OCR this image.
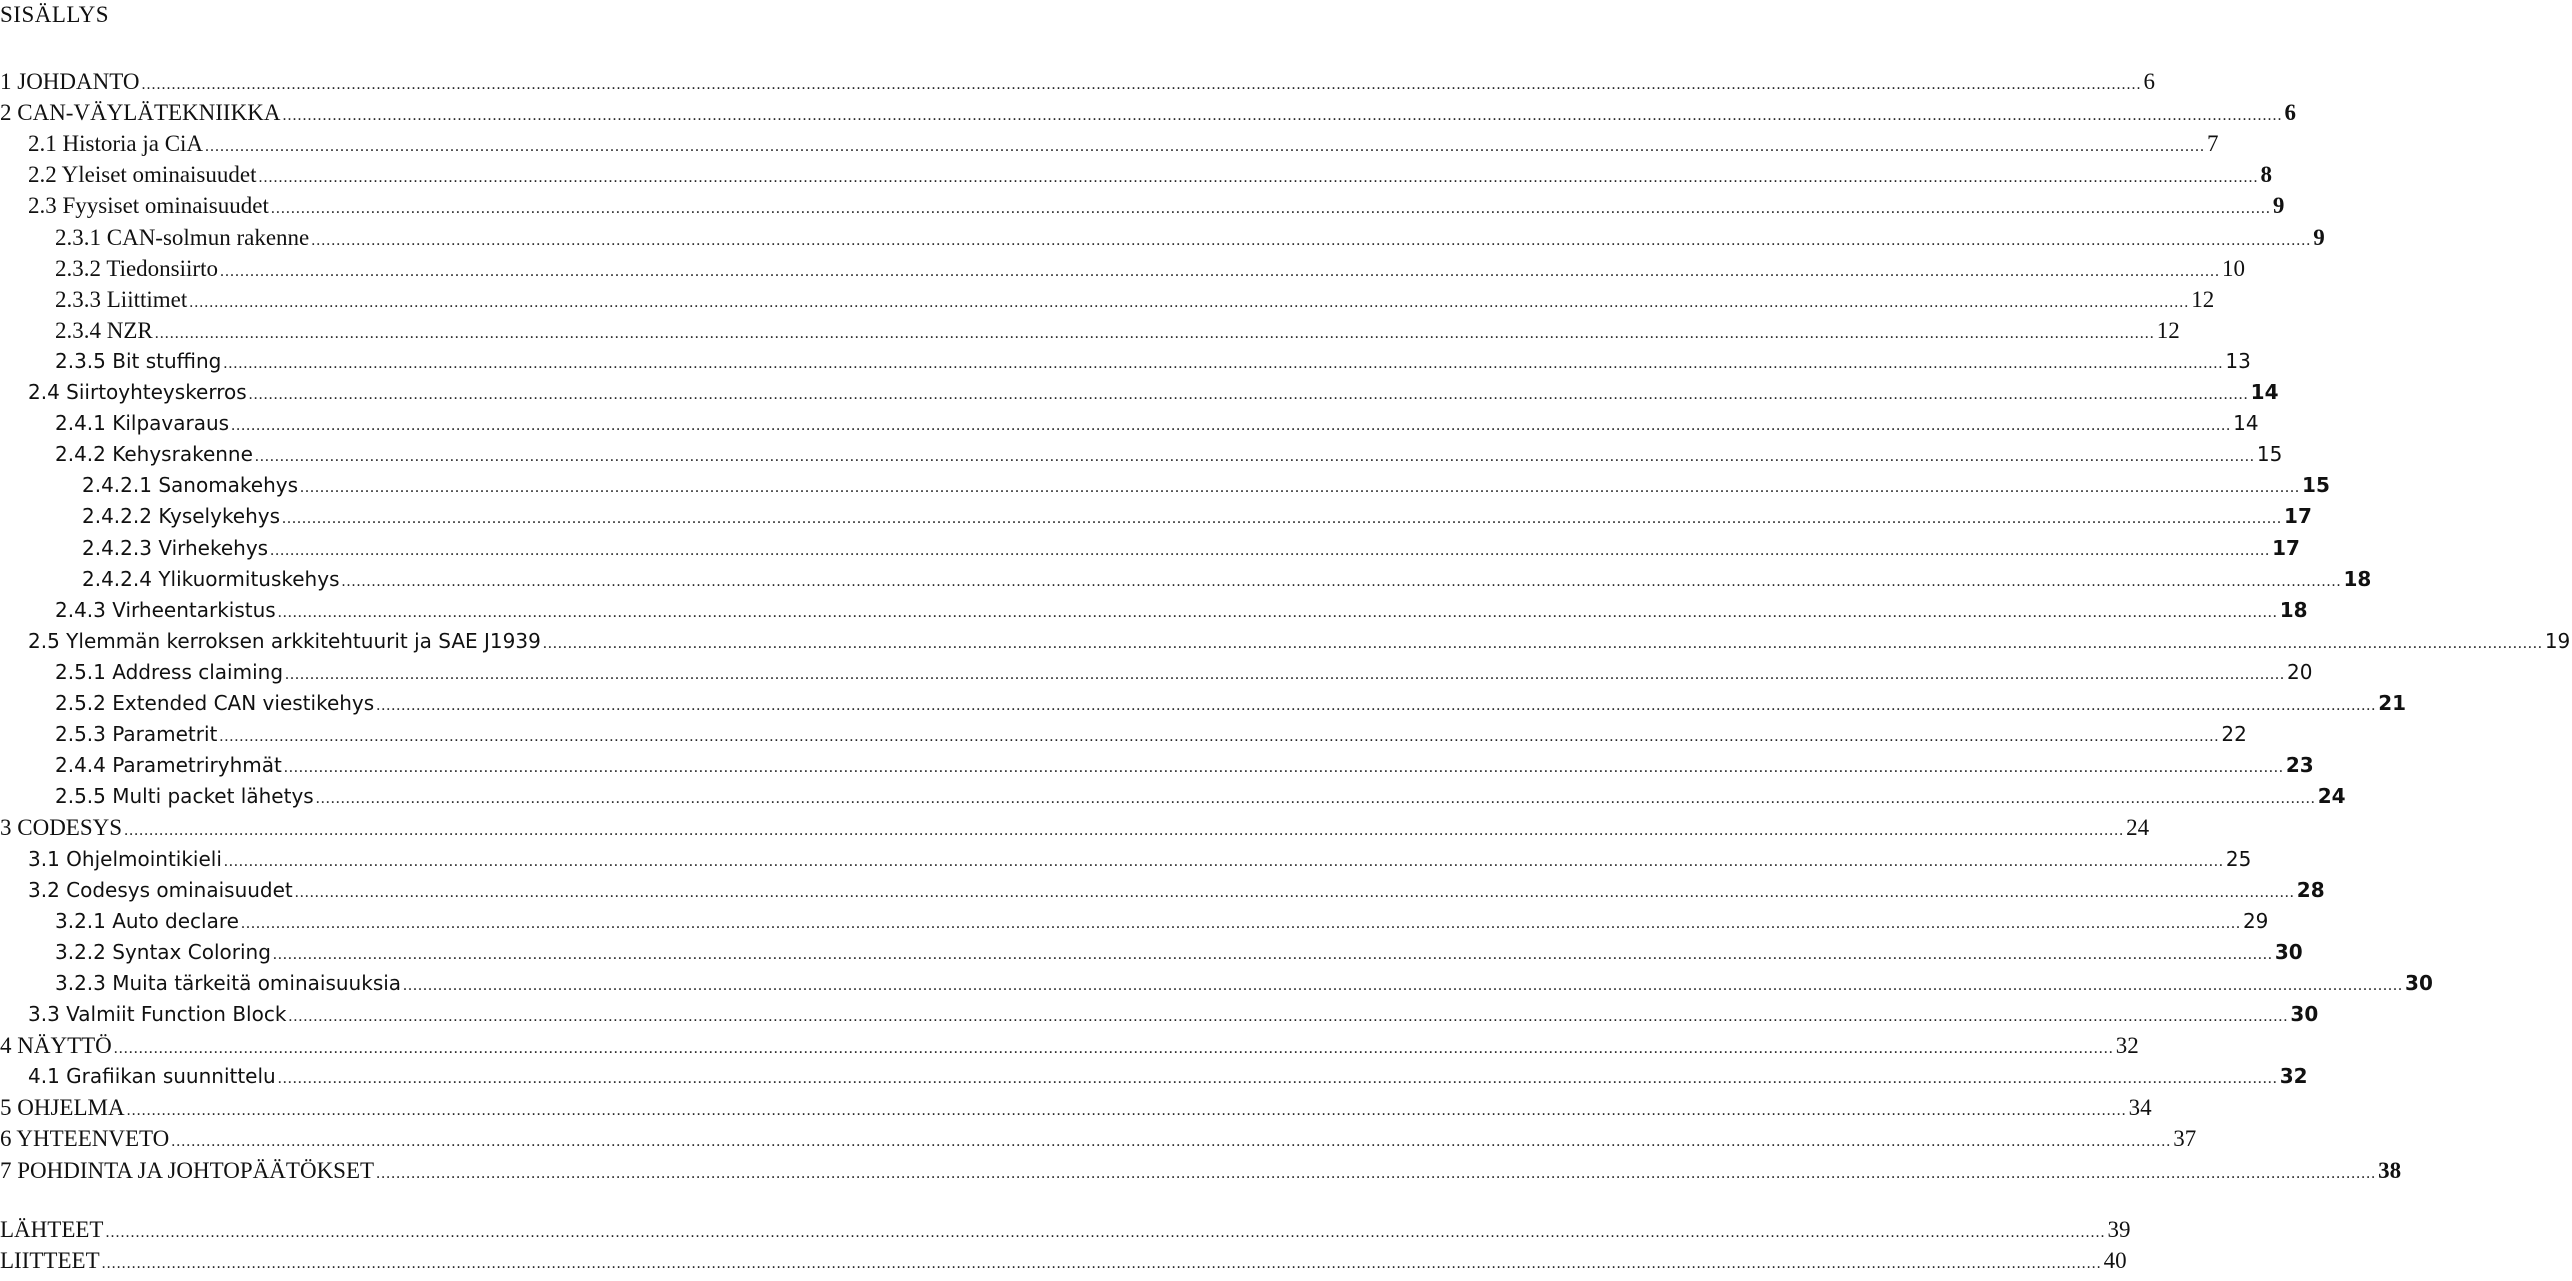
SISÄLLYS
1 JOHDANTO ................................................................................................................................................................................................................................................................................................................................................................................................................ 6
2 CAN-VÄYLÄTEKNIIKKA ................................................................................................................................................................................................................................................................................................................................................................................................................ 6
2.1 Historia ja CiA ................................................................................................................................................................................................................................................................................................................................................................................................................ 7
2.2 Yleiset ominaisuudet ................................................................................................................................................................................................................................................................................................................................................................................................................ 8
2.3 Fyysiset ominaisuudet ................................................................................................................................................................................................................................................................................................................................................................................................................ 9
2.3.1 CAN-solmun rakenne ................................................................................................................................................................................................................................................................................................................................................................................................................ 9
2.3.2 Tiedonsiirto ................................................................................................................................................................................................................................................................................................................................................................................................................ 10
2.3.3 Liittimet ................................................................................................................................................................................................................................................................................................................................................................................................................ 12
2.3.4 NZR ................................................................................................................................................................................................................................................................................................................................................................................................................ 12
2.3.5 Bit stuffing ................................................................................................................................................................................................................................................................................................................................................................................................................ 13
2.4 Siirtoyhteyskerros ................................................................................................................................................................................................................................................................................................................................................................................................................ 14
2.4.1 Kilpavaraus ................................................................................................................................................................................................................................................................................................................................................................................................................ 14
2.4.2 Kehysrakenne ................................................................................................................................................................................................................................................................................................................................................................................................................ 15
2.4.2.1 Sanomakehys ................................................................................................................................................................................................................................................................................................................................................................................................................ 15
2.4.2.2 Kyselykehys ................................................................................................................................................................................................................................................................................................................................................................................................................ 17
2.4.2.3 Virhekehys ................................................................................................................................................................................................................................................................................................................................................................................................................ 17
2.4.2.4 Ylikuormituskehys ................................................................................................................................................................................................................................................................................................................................................................................................................ 18
2.4.3 Virheentarkistus ................................................................................................................................................................................................................................................................................................................................................................................................................ 18
2.5 Ylemmän kerroksen arkkitehtuurit ja SAE J1939 ................................................................................................................................................................................................................................................................................................................................................................................................................ 19
2.5.1 Address claiming ................................................................................................................................................................................................................................................................................................................................................................................................................ 20
2.5.2 Extended CAN viestikehys ................................................................................................................................................................................................................................................................................................................................................................................................................ 21
2.5.3 Parametrit ................................................................................................................................................................................................................................................................................................................................................................................................................ 22
2.4.4 Parametriryhmät ................................................................................................................................................................................................................................................................................................................................................................................................................ 23
2.5.5 Multi packet lähetys ................................................................................................................................................................................................................................................................................................................................................................................................................ 24
3 CODESYS ................................................................................................................................................................................................................................................................................................................................................................................................................ 24
3.1 Ohjelmointikieli ................................................................................................................................................................................................................................................................................................................................................................................................................ 25
3.2 Codesys ominaisuudet ................................................................................................................................................................................................................................................................................................................................................................................................................ 28
3.2.1 Auto declare ................................................................................................................................................................................................................................................................................................................................................................................................................ 29
3.2.2 Syntax Coloring ................................................................................................................................................................................................................................................................................................................................................................................................................ 30
3.2.3 Muita tärkeitä ominaisuuksia ................................................................................................................................................................................................................................................................................................................................................................................................................ 30
3.3 Valmiit Function Block ................................................................................................................................................................................................................................................................................................................................................................................................................ 30
4 NÄYTTÖ ................................................................................................................................................................................................................................................................................................................................................................................................................ 32
4.1 Grafiikan suunnittelu ................................................................................................................................................................................................................................................................................................................................................................................................................ 32
5 OHJELMA ................................................................................................................................................................................................................................................................................................................................................................................................................ 34
6 YHTEENVETO ................................................................................................................................................................................................................................................................................................................................................................................................................ 37
7 POHDINTA JA JOHTOPÄÄTÖKSET ................................................................................................................................................................................................................................................................................................................................................................................................................ 38
LÄHTEET ................................................................................................................................................................................................................................................................................................................................................................................................................ 39
LIITTEET ................................................................................................................................................................................................................................................................................................................................................................................................................ 40
